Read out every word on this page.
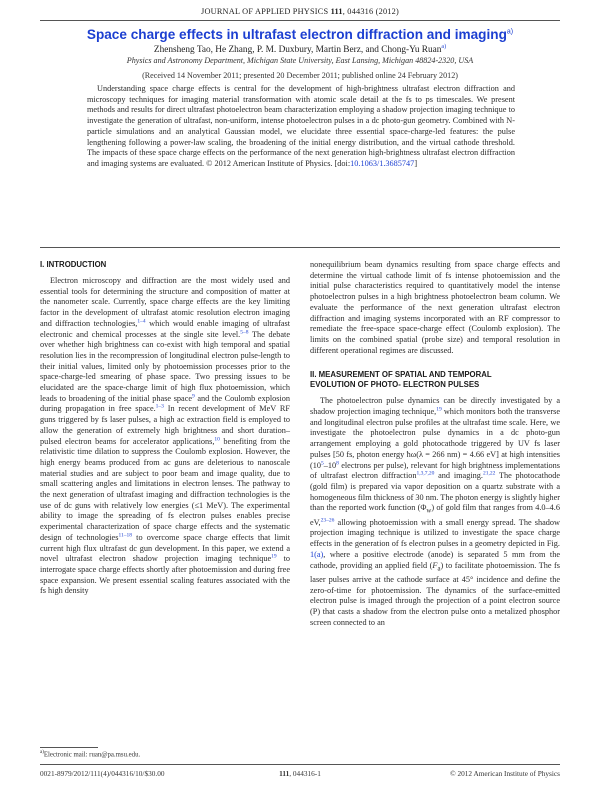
JOURNAL OF APPLIED PHYSICS 111, 044316 (2012)
Space charge effects in ultrafast electron diffraction and imaging$^{a)}$
Zhensheng Tao, He Zhang, P. M. Duxbury, Martin Berz, and Chong-Yu Ruan$^{a)}$
Physics and Astronomy Department, Michigan State University, East Lansing, Michigan 48824-2320, USA
(Received 14 November 2011; presented 20 December 2011; published online 24 February 2012)
Understanding space charge effects is central for the development of high-brightness ultrafast electron diffraction and microscopy techniques for imaging material transformation with atomic scale detail at the fs to ps timescales. We present methods and results for direct ultrafast photoelectron beam characterization employing a shadow projection imaging technique to investigate the generation of ultrafast, non-uniform, intense photoelectron pulses in a dc photo-gun geometry. Combined with N-particle simulations and an analytical Gaussian model, we elucidate three essential space-charge-led features: the pulse lengthening following a power-law scaling, the broadening of the initial energy distribution, and the virtual cathode threshold. The impacts of these space charge effects on the performance of the next generation high-brightness ultrafast electron diffraction and imaging systems are evaluated. © 2012 American Institute of Physics. [doi:10.1063/1.3685747]
I. INTRODUCTION

Electron microscopy and diffraction are the most widely used and essential tools for determining the structure and composition of matter at the nanometer scale. Currently, space charge effects are the key limiting factor in the development of ultrafast atomic resolution electron imaging and diffraction technologies,$^{1-4}$ which would enable imaging of ultrafast electronic and chemical processes at the single site level.$^{5-8}$ The debate over whether high brightness can co-exist with high temporal and spatial resolution lies in the recompression of longitudinal electron pulse-length to their initial values, limited only by photoemission processes prior to the space-charge-led smearing of phase space. Two pressing issues to be elucidated are the space-charge limit of high flux photoemission, which leads to broadening of the initial phase space$^9$ and the Coulomb explosion during propagation in free space.$^{1-3}$ In recent development of MeV RF guns triggered by fs laser pulses, a high ac extraction field is employed to allow the generation of extremely high brightness and short duration–pulsed electron beams for accelerator applications,$^{10}$ benefiting from the relativistic time dilation to suppress the Coulomb explosion. However, the high energy beams produced from ac guns are deleterious to nanoscale material studies and are subject to poor beam and image quality, due to small scattering angles and limitations in electron lenses. The pathway to the next generation of ultrafast imaging and diffraction technologies is the use of dc guns with relatively low energies (≤1 MeV). The experimental ability to image the spreading of fs electron pulses enables precise experimental characterization of space charge effects and the systematic design of technologies$^{11-18}$ to overcome space charge effects that limit current high flux ultrafast dc gun development. In this paper, we extend a novel ultrafast electron shadow projection imaging technique$^{19}$ to interrogate space charge effects shortly after photoemission and during free space expansion. We present essential scaling features associated with the fs high density

nonequilibrium beam dynamics resulting from space charge effects and determine the virtual cathode limit of fs intense photoemission and the initial pulse characteristics required to quantitatively model the intense photoelectron pulses in a high brightness photoelectron beam column. We evaluate the performance of the next generation ultrafast electron diffraction and imaging systems incorporated with an RF compressor to remediate the free-space space-charge effect (Coulomb explosion). The limits on the combined spatial (probe size) and temporal resolution in different operational regimes are discussed.

II. MEASUREMENT OF SPATIAL AND TEMPORAL
EVOLUTION OF PHOTO- ELECTRON PULSES

The photoelectron pulse dynamics can be directly investigated by a shadow projection imaging technique,$^{19}$ which monitors both the transverse and longitudinal electron pulse profiles at the ultrafast time scale. Here, we investigate the photoelectron pulse dynamics in a dc photo-gun arrangement employing a gold photocathode triggered by UV fs laser pulses [50 fs, photon energy ħω(λ = 266 nm) = 4.66 eV] at high intensities ($10^5-10^8$ electrons per pulse), relevant for high brightness implementations of ultrafast electron diffraction$^{1,3,7,20}$ and imaging.$^{21,22}$ The photocathode (gold film) is prepared via vapor deposition on a quartz substrate with a homogeneous film thickness of 30 nm. The photon energy is slightly higher than the reported work function $(\Phi_w)$ of gold film that ranges from 4.0–4.6 eV,$^{23-26}$ allowing photoemission with a small energy spread. The shadow projection imaging technique is utilized to investigate the space charge effects in the generation of fs electron pulses in a geometry depicted in Fig. 1(a), where a positive electrode (anode) is separated 5 mm from the cathode, providing an applied field $(F_a)$ to facilitate photoemission. The fs laser pulses arrive at the cathode surface at 45° incidence and define the zero-of-time for photoemission. The dynamics of the surface-emitted electron pulse is imaged through the projection of a point electron source (P) that casts a shadow from the electron pulse onto a metalized phosphor screen connected to an

$^{a)}$Electronic mail: ruan@pa.msu.edu.
0021-8979/2012/111(4)/044316/10/$30.00	111, 044316-1	© 2012 American Institute of Physics
